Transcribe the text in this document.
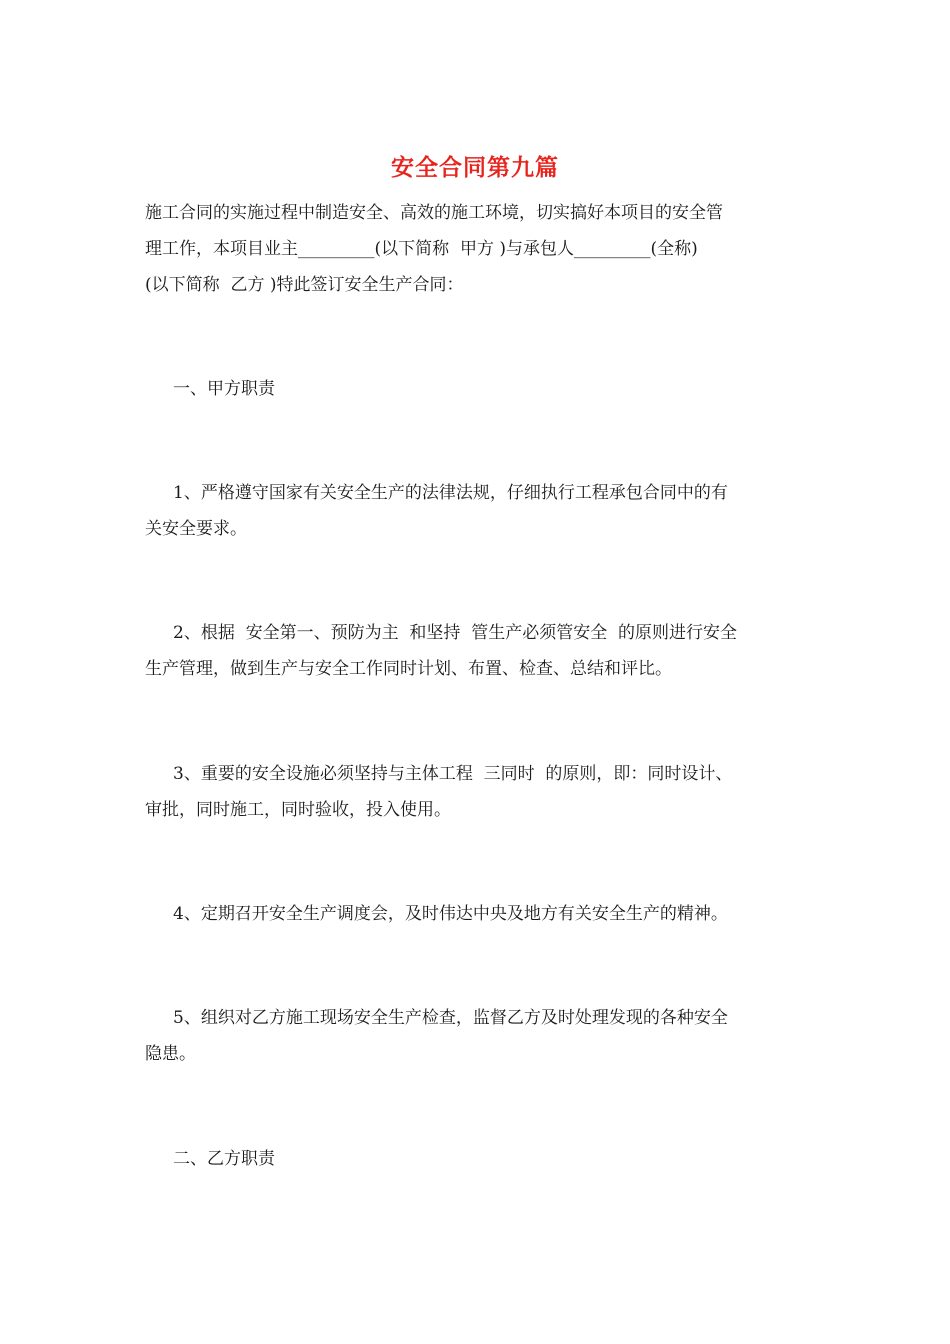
安全合同第九篇
施工合同的实施过程中制造安全、高效的施工环境，切实搞好本项目的安全管
理工作，本项目业主_________(以下简称  甲方 )与承包人_________(全称)
(以下简称  乙方 )特此签订安全生产合同：
一、甲方职责
1、严格遵守国家有关安全生产的法律法规，仔细执行工程承包合同中的有
关安全要求。
2、根据  安全第一、预防为主  和坚持  管生产必须管安全  的原则进行安全
生产管理，做到生产与安全工作同时计划、布置、检查、总结和评比。
3、重要的安全设施必须坚持与主体工程  三同时  的原则，即：同时设计、
审批，同时施工，同时验收，投入使用。
4、定期召开安全生产调度会，及时伟达中央及地方有关安全生产的精神。
5、组织对乙方施工现场安全生产检查，监督乙方及时处理发现的各种安全
隐患。
二、乙方职责
